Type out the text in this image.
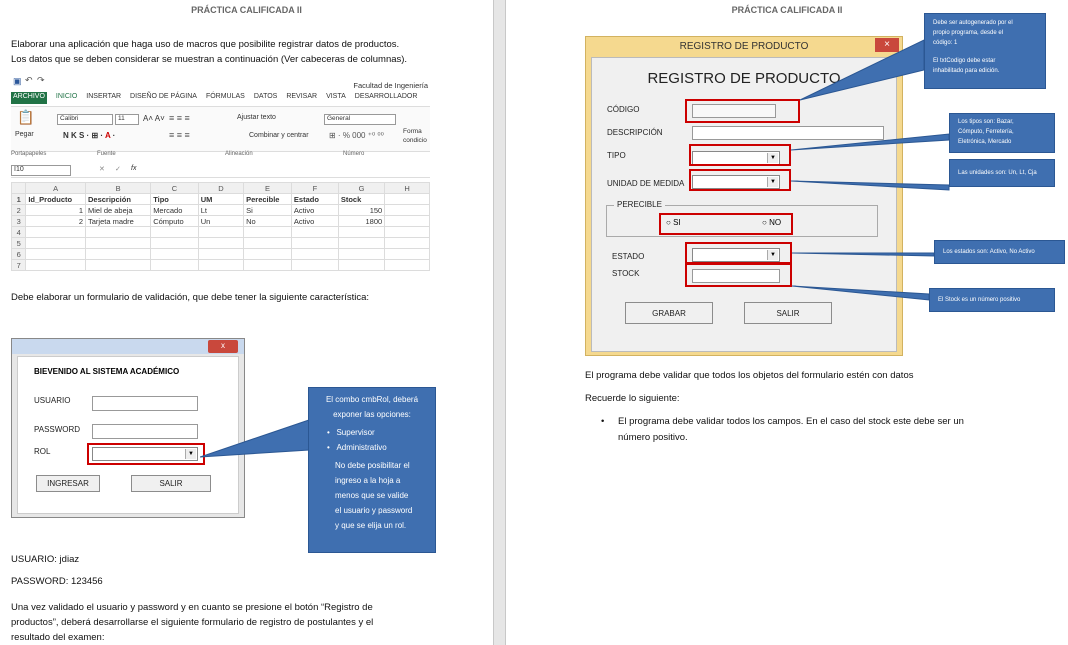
PRÁCTICA CALIFICADA II
Elaborar una aplicación que haga uso de macros que posibilite registrar datos de productos.
Los datos que se deben considerar se muestran a continuación (Ver cabeceras de columnas).
▣ ↶ ↷
Facultad de Ingeniería
ARCHIVO INICIO INSERTAR DISEÑO DE PÁGINA FÓRMULAS DATOS REVISAR VISTA DESARROLLADOR
📋
Pegar
Calibri	11	A˄ A˅
N K S · ⊞ · A ·
≡ ≡ ≡
≡ ≡ ≡
Ajustar texto
Combinar y centrar
General
⊞ · % 000 ⁺⁰ ⁰⁰	Forma condicio
Portapapeles	Fuente	Alineación	Número
I10	✕ ✓ fx
	A	B	C	D	E	F	G	H
1	Id_Producto	Descripción	Tipo	UM	Perecible	Estado	Stock	
2	1	Miel de abeja	Mercado	Lt	Si	Activo	150	
3	2	Tarjeta madre	Cómputo	Un	No	Activo	1800	
4								
5								
6								
7								
Debe elaborar un formulario de validación, que debe tener la siguiente característica:
x
BIEVENIDO AL SISTEMA ACADÉMICO
USUARIO
PASSWORD
ROL	▼
INGRESAR	SALIR
El combo cmbRol, deberá
exponer las opciones:
•   Supervisor
•   Administrativo
No debe posibilitar el
ingreso a la hoja a
menos que se valide
el usuario y password
y que se elija un rol.
USUARIO: jdiaz
PASSWORD: 123456
Una vez validado el usuario y password y en cuanto se presione el botón “Registro de
productos”, deberá desarrollarse el siguiente formulario de registro de postulantes y el
resultado del examen:
PRÁCTICA CALIFICADA II
REGISTRO DE PRODUCTO	×
REGISTRO DE PRODUCTO
CÓDIGO
DESCRIPCIÓN
TIPO	▼
UNIDAD DE MEDIDA	▼
PERECIBLE
○ SI	○ NO
ESTADO	▼
STOCK
GRABAR	SALIR
Debe ser autogenerado por el
propio programa, desde el
código: 1
El txtCodigo debe estar
inhabilitado para edición.
Los tipos son: Bazar,
Cómputo, Ferretería,
Eletrónica, Mercado
Las unidades son: Un, Lt, Cja
Los estados son: Activo, No Activo
El Stock es un número positivo
El programa debe validar que todos los objetos del formulario estén con datos
Recuerde lo siguiente:
• El programa debe validar todos los campos. En el caso del stock este debe ser un
número positivo.
